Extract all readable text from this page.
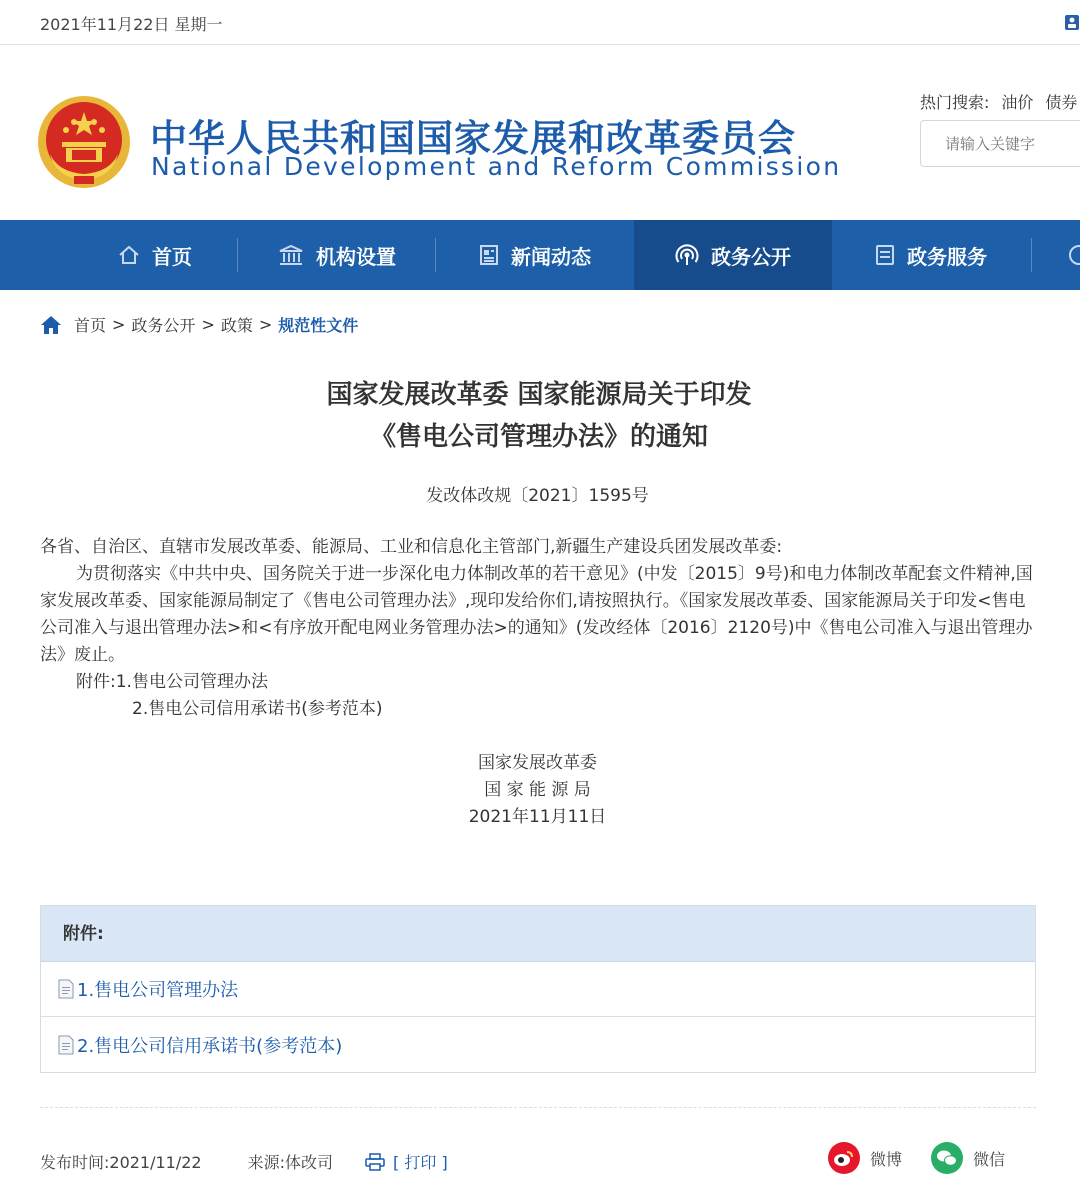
2021年11月22日 星期一
中华人民共和国国家发展和改革委员会
National Development and Reform Commission
热门搜索: 油价 债券
请输入关键字
首页	机构设置	新闻动态	政务公开	政务服务
首页 > 政务公开 > 政策 > 规范性文件
国家发展改革委 国家能源局关于印发
《售电公司管理办法》的通知
发改体改规〔2021〕1595号

各省、自治区、直辖市发展改革委、能源局、工业和信息化主管部门,新疆生产建设兵团发展改革委:

为贯彻落实《中共中央、国务院关于进一步深化电力体制改革的若干意见》(中发〔2015〕9号)和电力体制改革配套文件精神,国家发展改革委、国家能源局制定了《售电公司管理办法》,现印发给你们,请按照执行。《国家发展改革委、国家能源局关于印发<售电公司准入与退出管理办法>和<有序放开配电网业务管理办法>的通知》(发改经体〔2016〕2120号)中《售电公司准入与退出管理办法》废止。

附件:1.售电公司管理办法

2.售电公司信用承诺书(参考范本)

国家发展改革委
国 家 能 源 局
2021年11月11日
附件:
1.售电公司管理办法
2.售电公司信用承诺书(参考范本)
发布时间:2021/11/22	来源:体改司	[ 打印 ]	微博	微信
